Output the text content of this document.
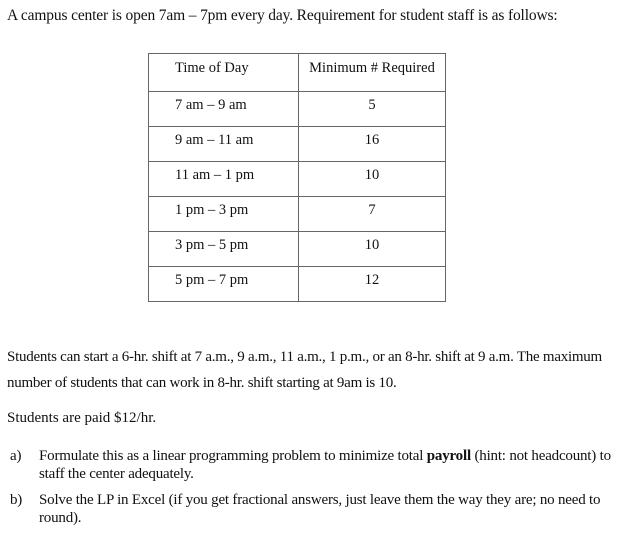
A campus center is open 7am – 7pm every day. Requirement for student staff is as follows:
Time of Day	Minimum # Required

7 am – 9 am	5

9 am – 11 am	16

11 am – 1 pm	10

1 pm – 3 pm	7

3 pm – 5 pm	10

5 pm – 7 pm	12
Students can start a 6-hr. shift at 7 a.m., 9 a.m., 11 a.m., 1 p.m., or an 8-hr. shift at 9 a.m. The maximum number of students that can work in 8-hr. shift starting at 9am is 10.
Students are paid $12/hr.
a)	Formulate this as a linear programming problem to minimize total payroll (hint: not headcount) to staff the center adequately.
b)	Solve the LP in Excel (if you get fractional answers, just leave them the way they are; no need to round).
